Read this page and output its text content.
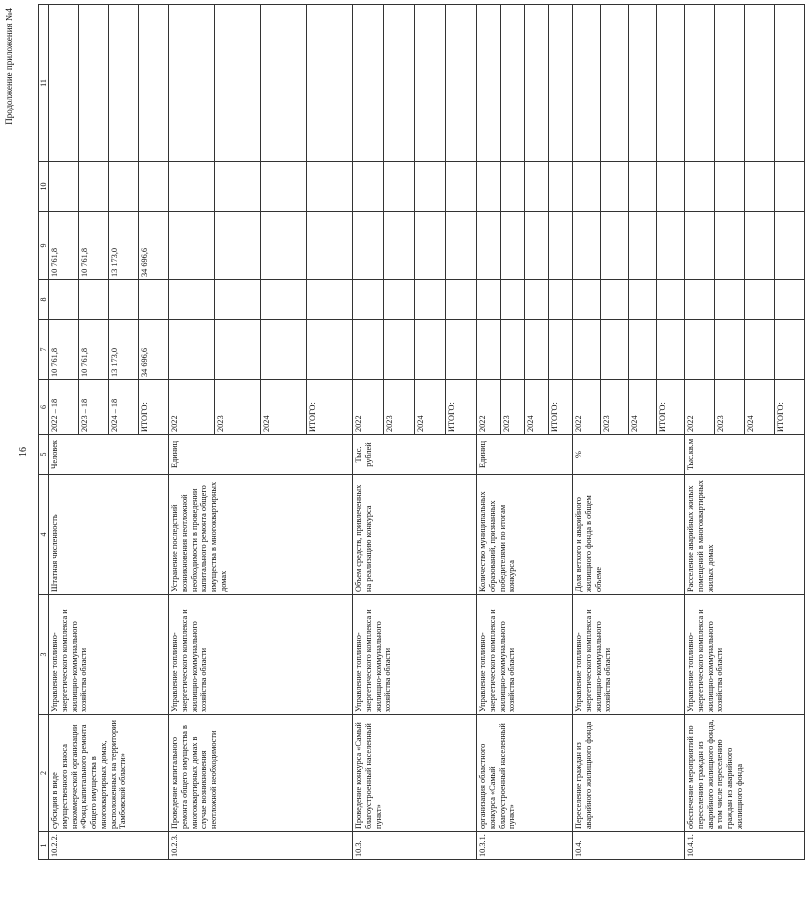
16
Продолжение приложения №4
1	2	3	4	5	6	7	8	9	10	11
10.2.2.	субсидия в виде имущественного взноса некоммерческой организации «Фонд капитального ремонта общего имущества в многоквартирных домах, расположенных на территории Тамбовской области»	Управление топливно-энергетического комплекса и жилищно-коммунального хозяйства области	Штатная численность	Человек	2022 – 18	10 761,8		10 761,8		
					2023 – 18	10 761,8		10 761,8		
					2024 – 18	13 173,0		13 173,0		
					ИТОГО:	34 696,6		34 696,6		
10.2.3.	Проведение капитального ремонта общего имущества в многоквартирных домах в случае возникновения неотложной необходимости	Управление топливно-энергетического комплекса и жилищно-коммунального хозяйства области	Устранение последствий возникновения неотложной необходимости в проведении капитального ремонта общего имущества в многоквартирных домах	Единиц	2022					
					2023					
					2024					
					ИТОГО:					
10.3.	Проведение конкурса «Самый благоустроенный населенный пункт»	Управление топливно-энергетического комплекса и жилищно-коммунального хозяйства области	Объем средств, привлеченных на реализацию конкурса	Тыс. рублей	2022					
					2023					
					2024					
					ИТОГО:					
10.3.1.	организация областного конкурса «Самый благоустроенный населенный пункт»	Управление топливно-энергетического комплекса и жилищно-коммунального хозяйства области	Количество муниципальных образований, признанных победителями по итогам конкурса	Единиц	2022					
					2023					
					2024					
					ИТОГО:					
10.4.	Переселение граждан из аварийного жилищного фонда	Управление топливно-энергетического комплекса и жилищно-коммунального хозяйства области	Доля ветхого и аварийного жилищного фонда в общем объеме	%	2022					
					2023					
					2024					
					ИТОГО:					
10.4.1.	обеспечение мероприятий по переселению граждан из аварийного жилищного фонда, в том числе переселению граждан из аварийного жилищного фонда	Управление топливно-энергетического комплекса и жилищно-коммунального хозяйства области	Расселение аварийных жилых помещений в многоквартирных жилых домах	Тыс.кв.м	2022					
					2023					
					2024					
					ИТОГО:					
